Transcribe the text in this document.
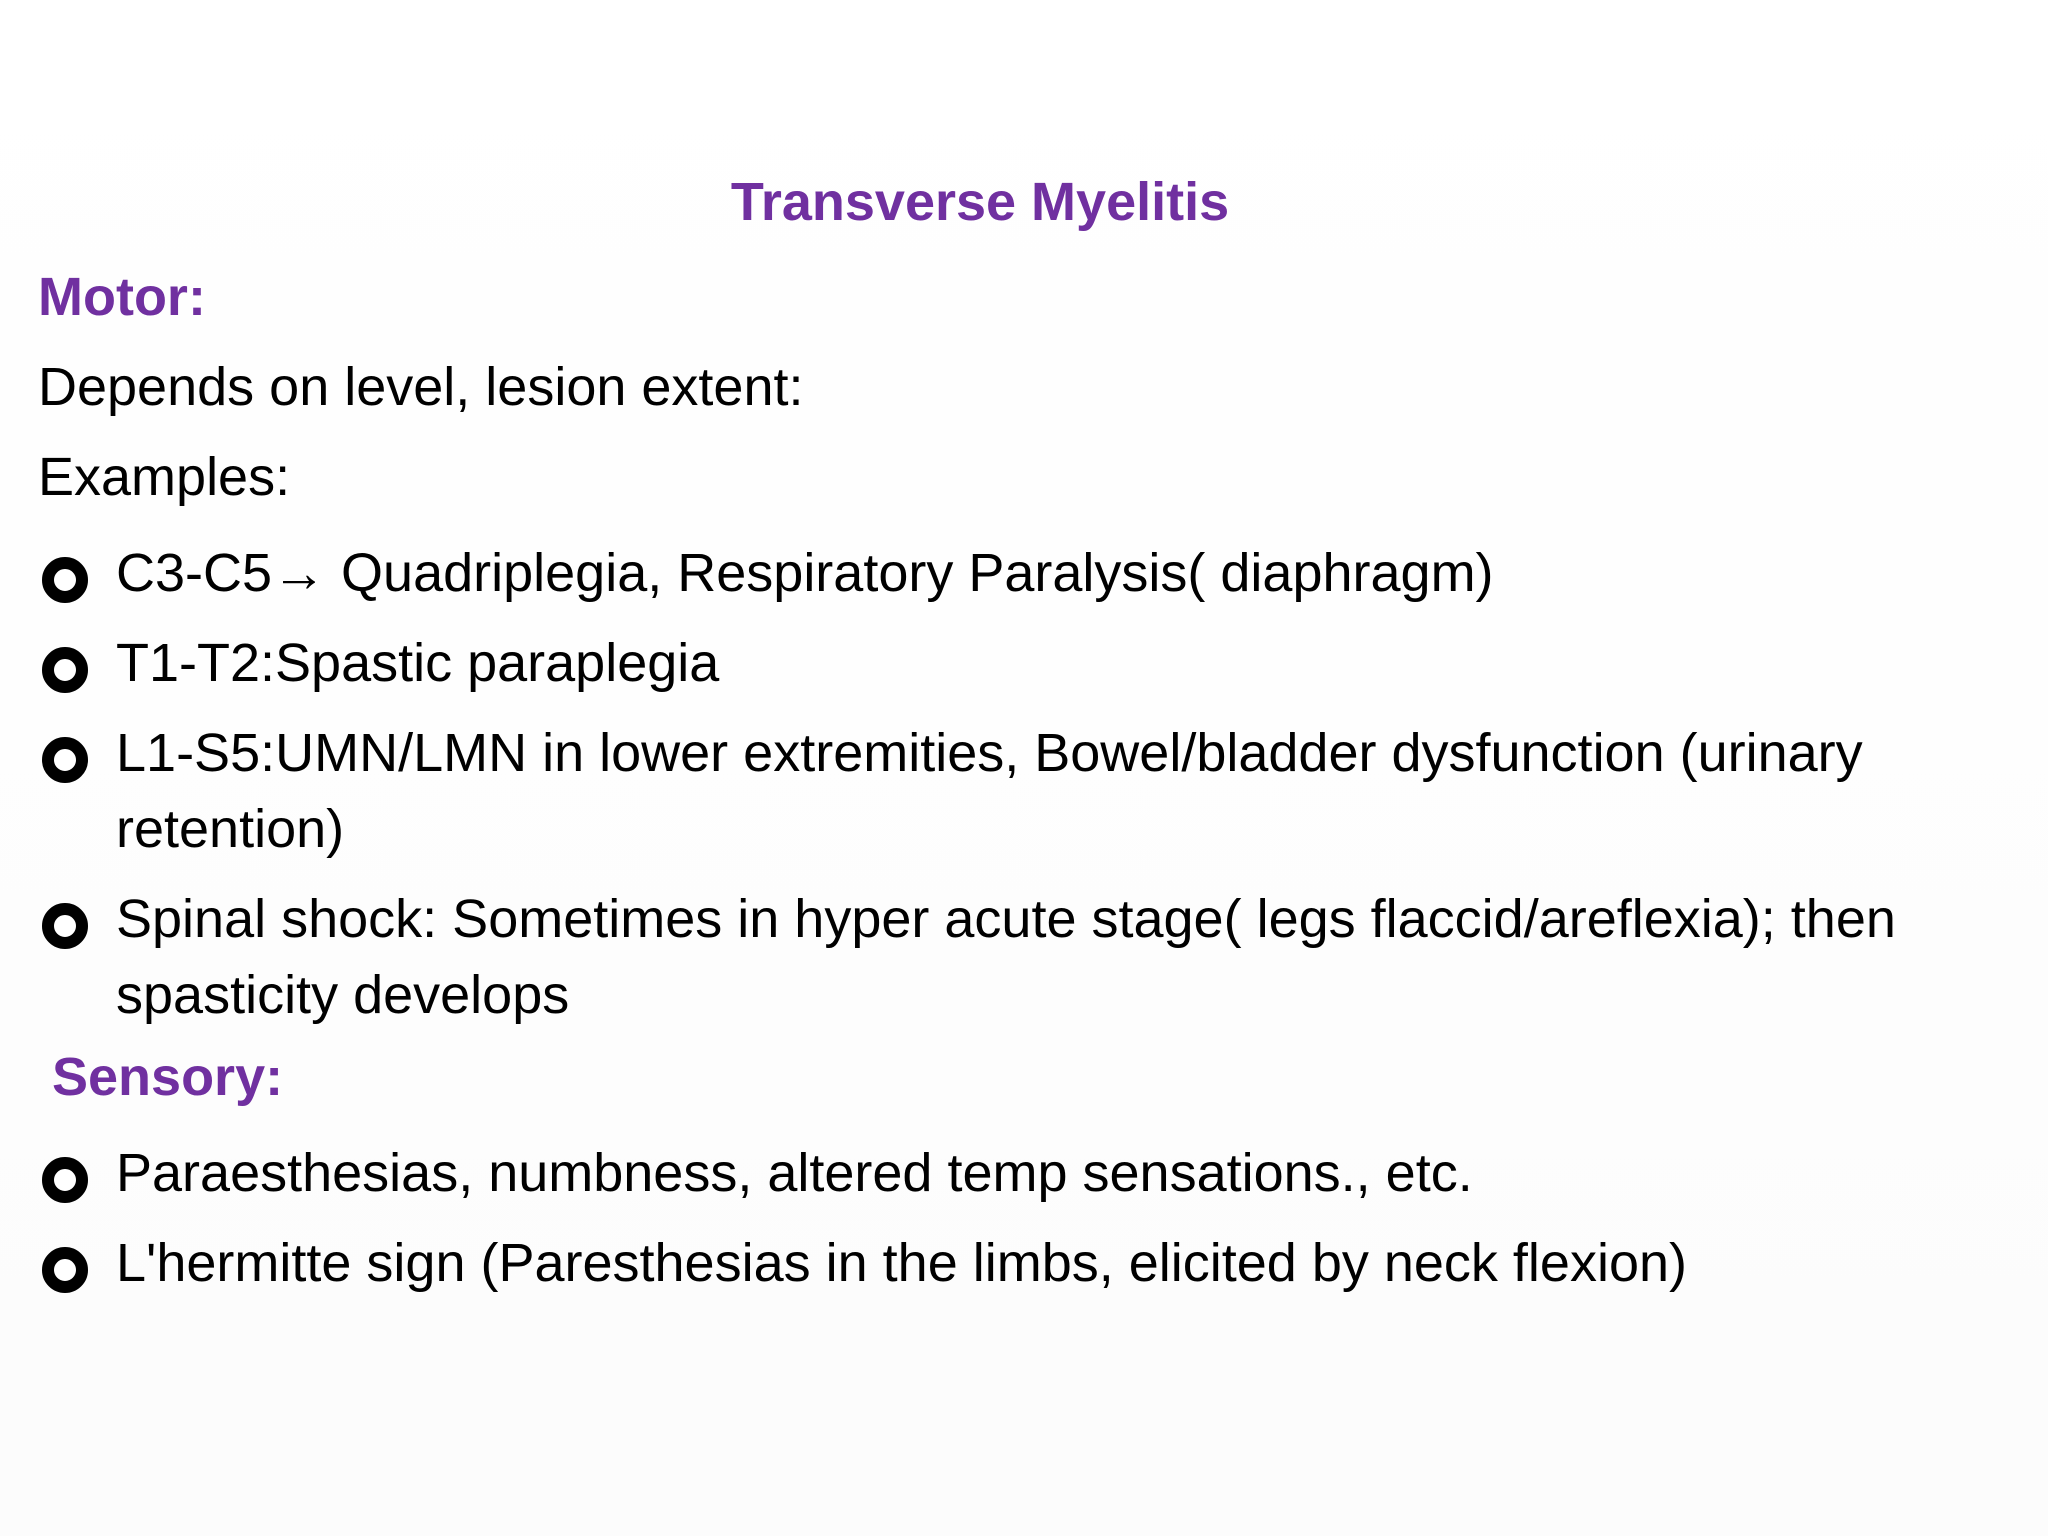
Transverse Myelitis
Motor:
Depends on level, lesion extent:
Examples:
C3-C5→ Quadriplegia, Respiratory Paralysis( diaphragm)
T1-T2:Spastic paraplegia
L1-S5:UMN/LMN in lower extremities, Bowel/bladder dysfunction (urinary retention)
Spinal shock: Sometimes in hyper acute stage( legs flaccid/areflexia); then spasticity develops
Sensory:
Paraesthesias, numbness, altered temp sensations., etc.
L'hermitte sign (Paresthesias in the limbs, elicited by neck flexion)
